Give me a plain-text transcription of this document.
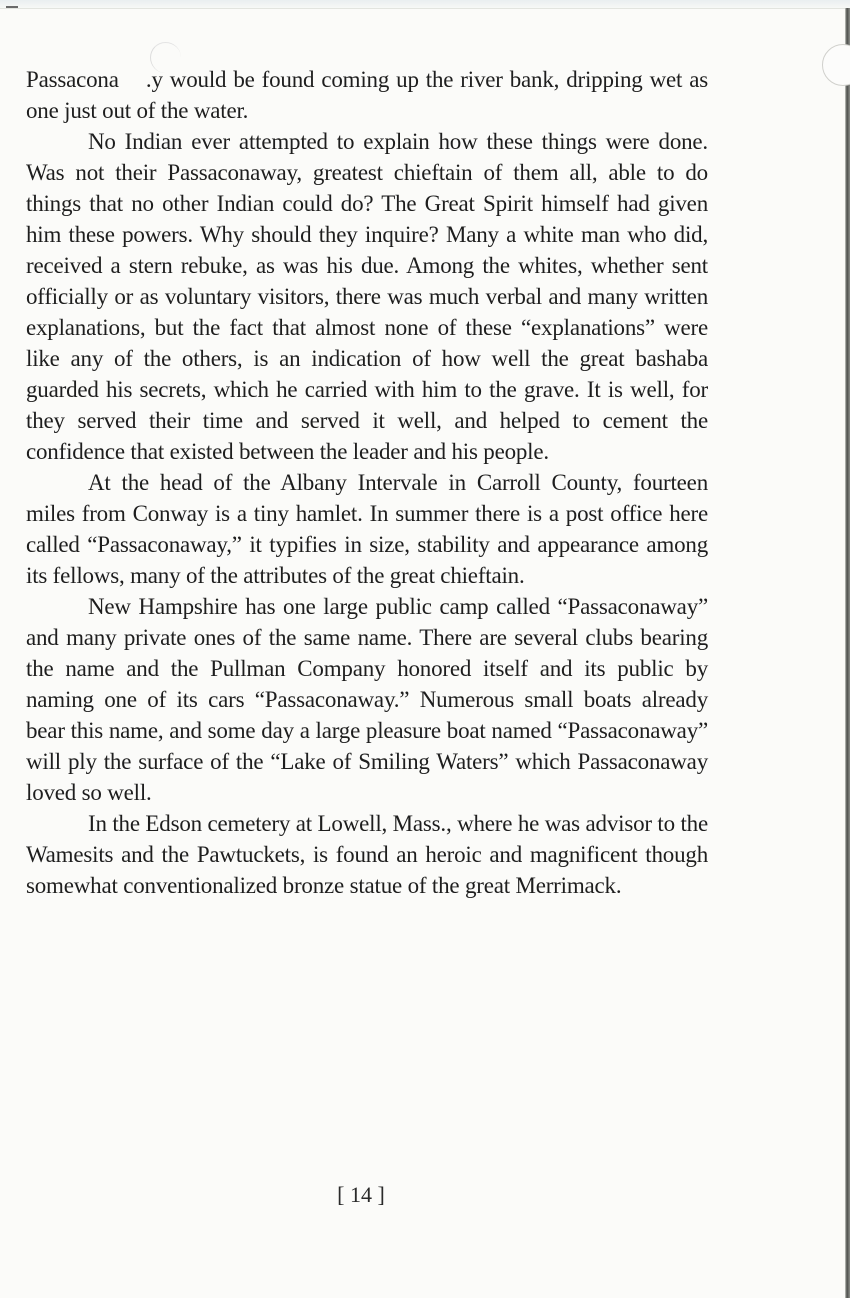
Passacona  .y would be found coming up the river bank, dripping wet as one just out of the water.

No Indian ever attempted to explain how these things were done. Was not their Passaconaway, greatest chieftain of them all, able to do things that no other Indian could do? The Great Spirit himself had given him these powers. Why should they inquire? Many a white man who did, received a stern rebuke, as was his due. Among the whites, whether sent officially or as voluntary visitors, there was much verbal and many written explanations, but the fact that almost none of these “explanations” were like any of the others, is an indication of how well the great bashaba guarded his secrets, which he carried with him to the grave. It is well, for they served their time and served it well, and helped to cement the confidence that existed between the leader and his people.

At the head of the Albany Intervale in Carroll County, fourteen miles from Conway is a tiny hamlet. In summer there is a post office here called “Passaconaway,” it typifies in size, stability and appearance among its fellows, many of the attributes of the great chieftain.

New Hampshire has one large public camp called “Passaconaway” and many private ones of the same name. There are several clubs bearing the name and the Pullman Company honored itself and its public by naming one of its cars “Passaconaway.” Numerous small boats already bear this name, and some day a large pleasure boat named “Passaconaway” will ply the surface of the “Lake of Smiling Waters” which Passaconaway loved so well.

In the Edson cemetery at Lowell, Mass., where he was advisor to the Wamesits and the Pawtuckets, is found an heroic and magnificent though somewhat conventionalized bronze statue of the great Merrimack.

[ 14 ]
